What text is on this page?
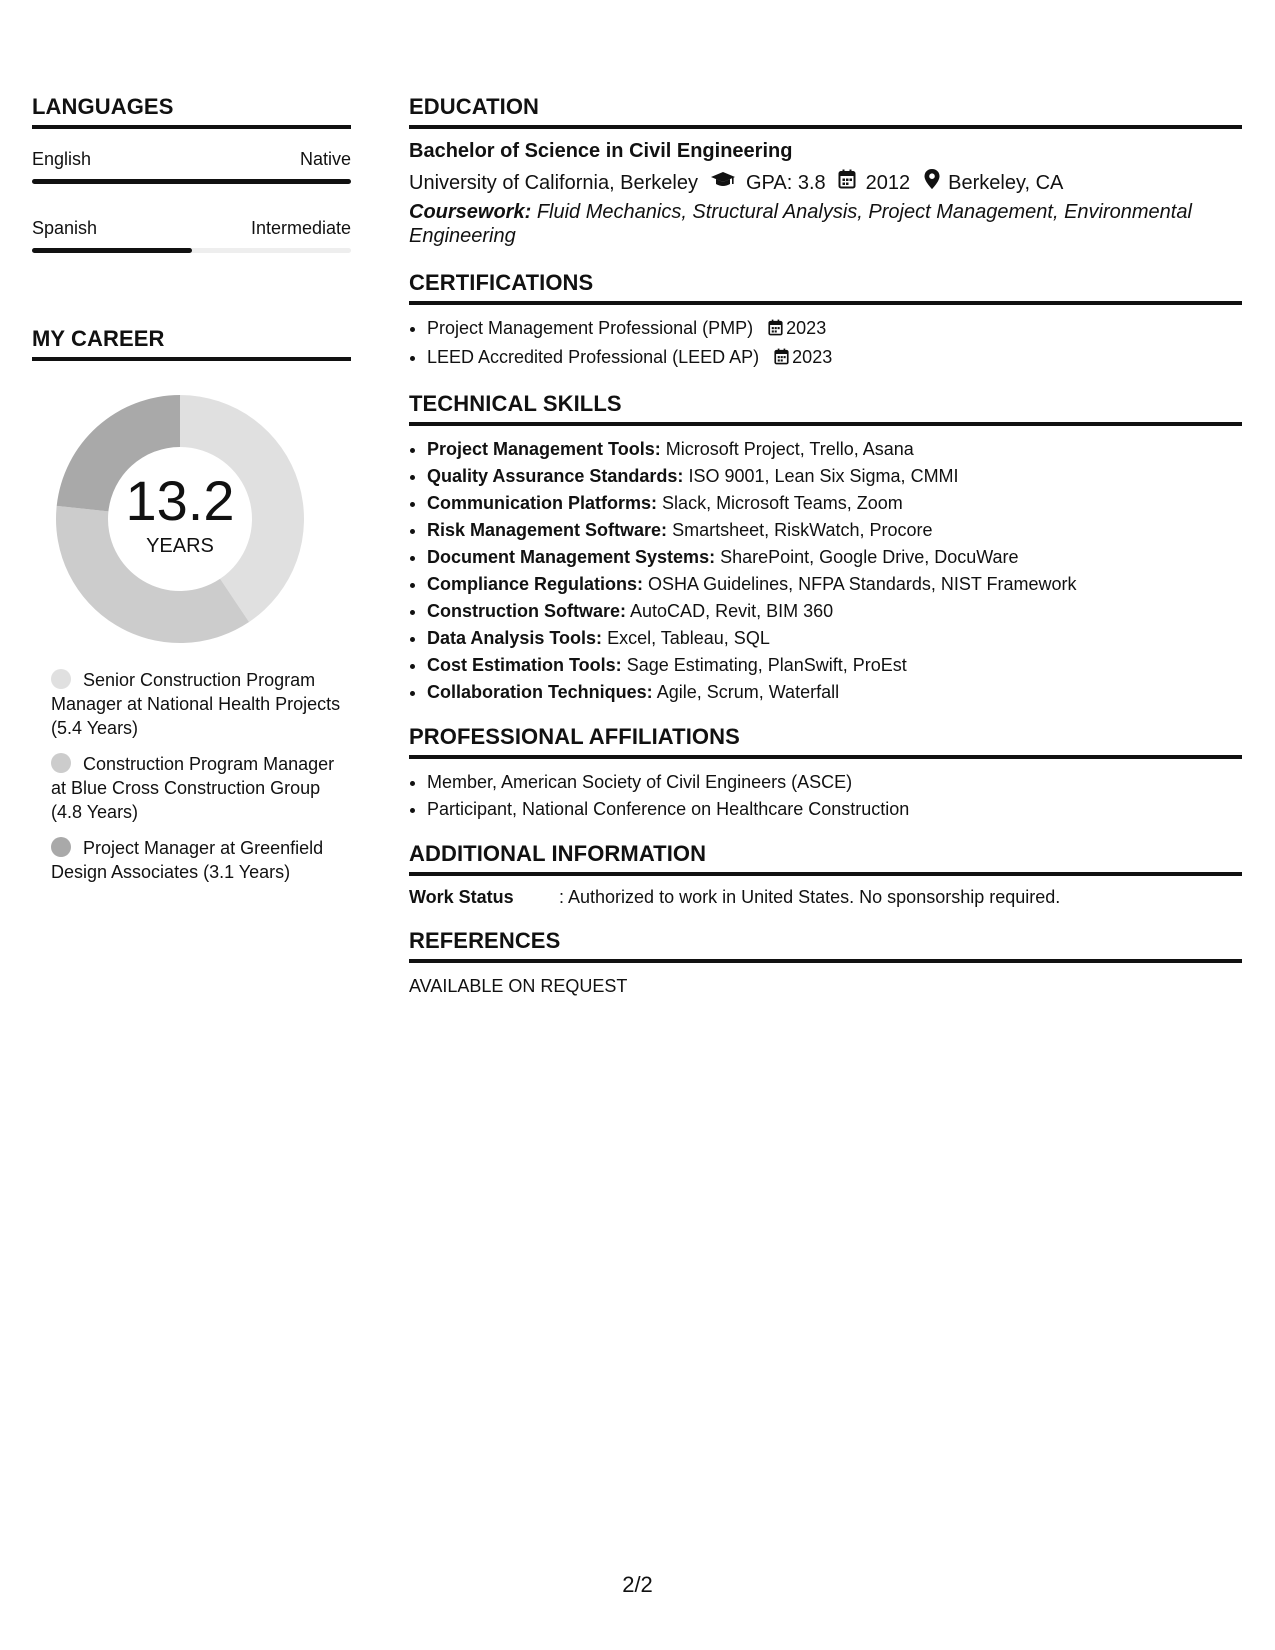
LANGUAGES
English	Native
Spanish	Intermediate
MY CAREER
13.2
YEARS
Senior Construction Program Manager at National Health Projects (5.4 Years)
Construction Program Manager at Blue Cross Construction Group (4.8 Years)
Project Manager at Greenfield Design Associates (3.1 Years)
EDUCATION
Bachelor of Science in Civil Engineering
University of California, Berkeley GPA: 3.8 2012 Berkeley, CA
Coursework: Fluid Mechanics, Structural Analysis, Project Management, Environmental Engineering
CERTIFICATIONS
• Project Management Professional (PMP) 2023
• LEED Accredited Professional (LEED AP) 2023
TECHNICAL SKILLS
• Project Management Tools: Microsoft Project, Trello, Asana
• Quality Assurance Standards: ISO 9001, Lean Six Sigma, CMMI
• Communication Platforms: Slack, Microsoft Teams, Zoom
• Risk Management Software: Smartsheet, RiskWatch, Procore
• Document Management Systems: SharePoint, Google Drive, DocuWare
• Compliance Regulations: OSHA Guidelines, NFPA Standards, NIST Framework
• Construction Software: AutoCAD, Revit, BIM 360
• Data Analysis Tools: Excel, Tableau, SQL
• Cost Estimation Tools: Sage Estimating, PlanSwift, ProEst
• Collaboration Techniques: Agile, Scrum, Waterfall
PROFESSIONAL AFFILIATIONS
• Member, American Society of Civil Engineers (ASCE)
• Participant, National Conference on Healthcare Construction
ADDITIONAL INFORMATION
Work Status	: Authorized to work in United States. No sponsorship required.
REFERENCES
AVAILABLE ON REQUEST
2/2
